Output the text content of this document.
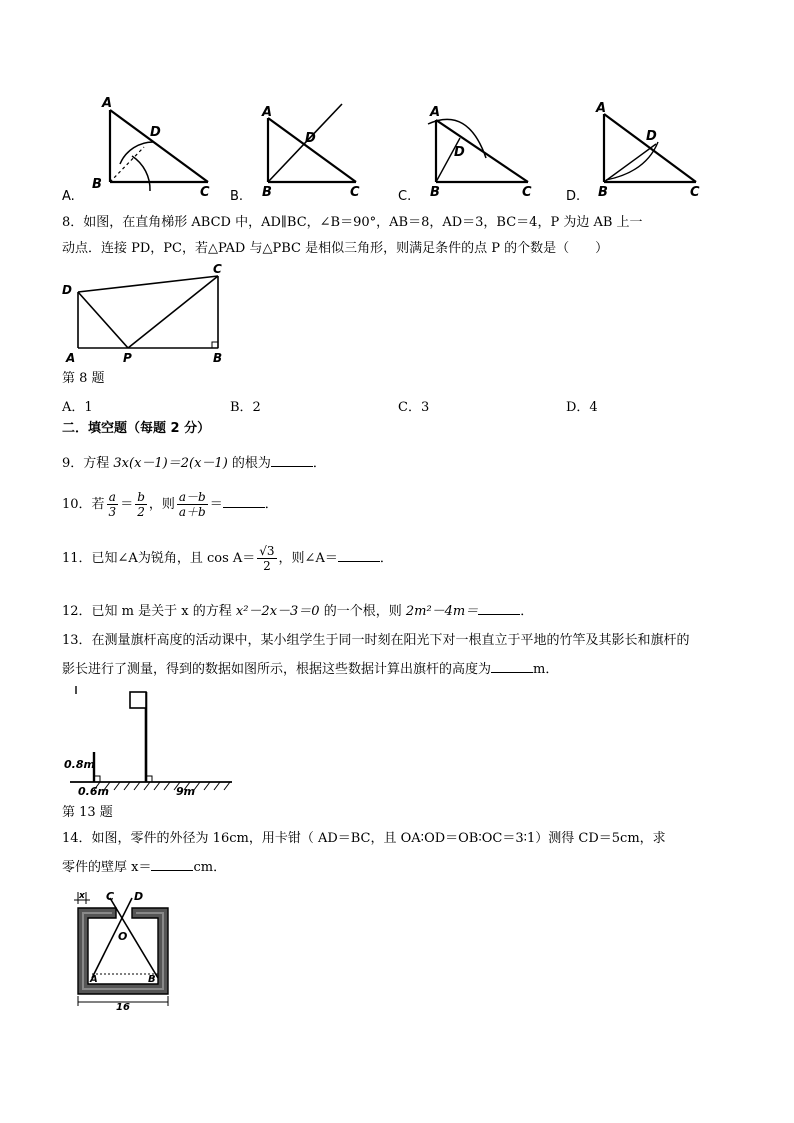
A
D
B
C
A.
A
D
B	C
B.
A
D
B	C
C.
A
D
B	C
D.
8．如图，在直角梯形 ABCD 中，AD∥BC，∠B＝90°，AB＝8，AD＝3，BC＝4，P 为边 AB 上一
动点．连接 PD，PC，若△PAD 与△PBC 是相似三角形，则满足条件的点 P 的个数是（　　）
D
C
A	P	B
第 8 题
A．1	B．2	C．3	D．4
二．填空题（每题 2 分）
9．方程 3x(x－1)＝2(x－1) 的根为	．
10．若 $\frac{a}{3} = \frac{b}{2}$ ，则 $\frac{a-b}{a+b}$ ＝	．
11．已知∠A为锐角，且 $\cos A= \frac{√3}{2}$ ，则∠A＝	．
12．已知 m 是关于 x 的方程 x²－2x－3＝0 的一个根，则 2m²－4m＝	．
13．在测量旗杆高度的活动课中，某小组学生于同一时刻在阳光下对一根直立于平地的竹竿及其影长和旗杆的
影长进行了测量，得到的数据如图所示，根据这些数据计算出旗杆的高度为	m．
0.8m
0.6m	9m
第 13 题
14．如图，零件的外径为 16cm，用卡钳（ AD＝BC，且 OA∶OD＝OB∶OC＝3∶1）测得 CD＝5cm，求
零件的壁厚 x＝	cm．
x C D
O
A	B
16
